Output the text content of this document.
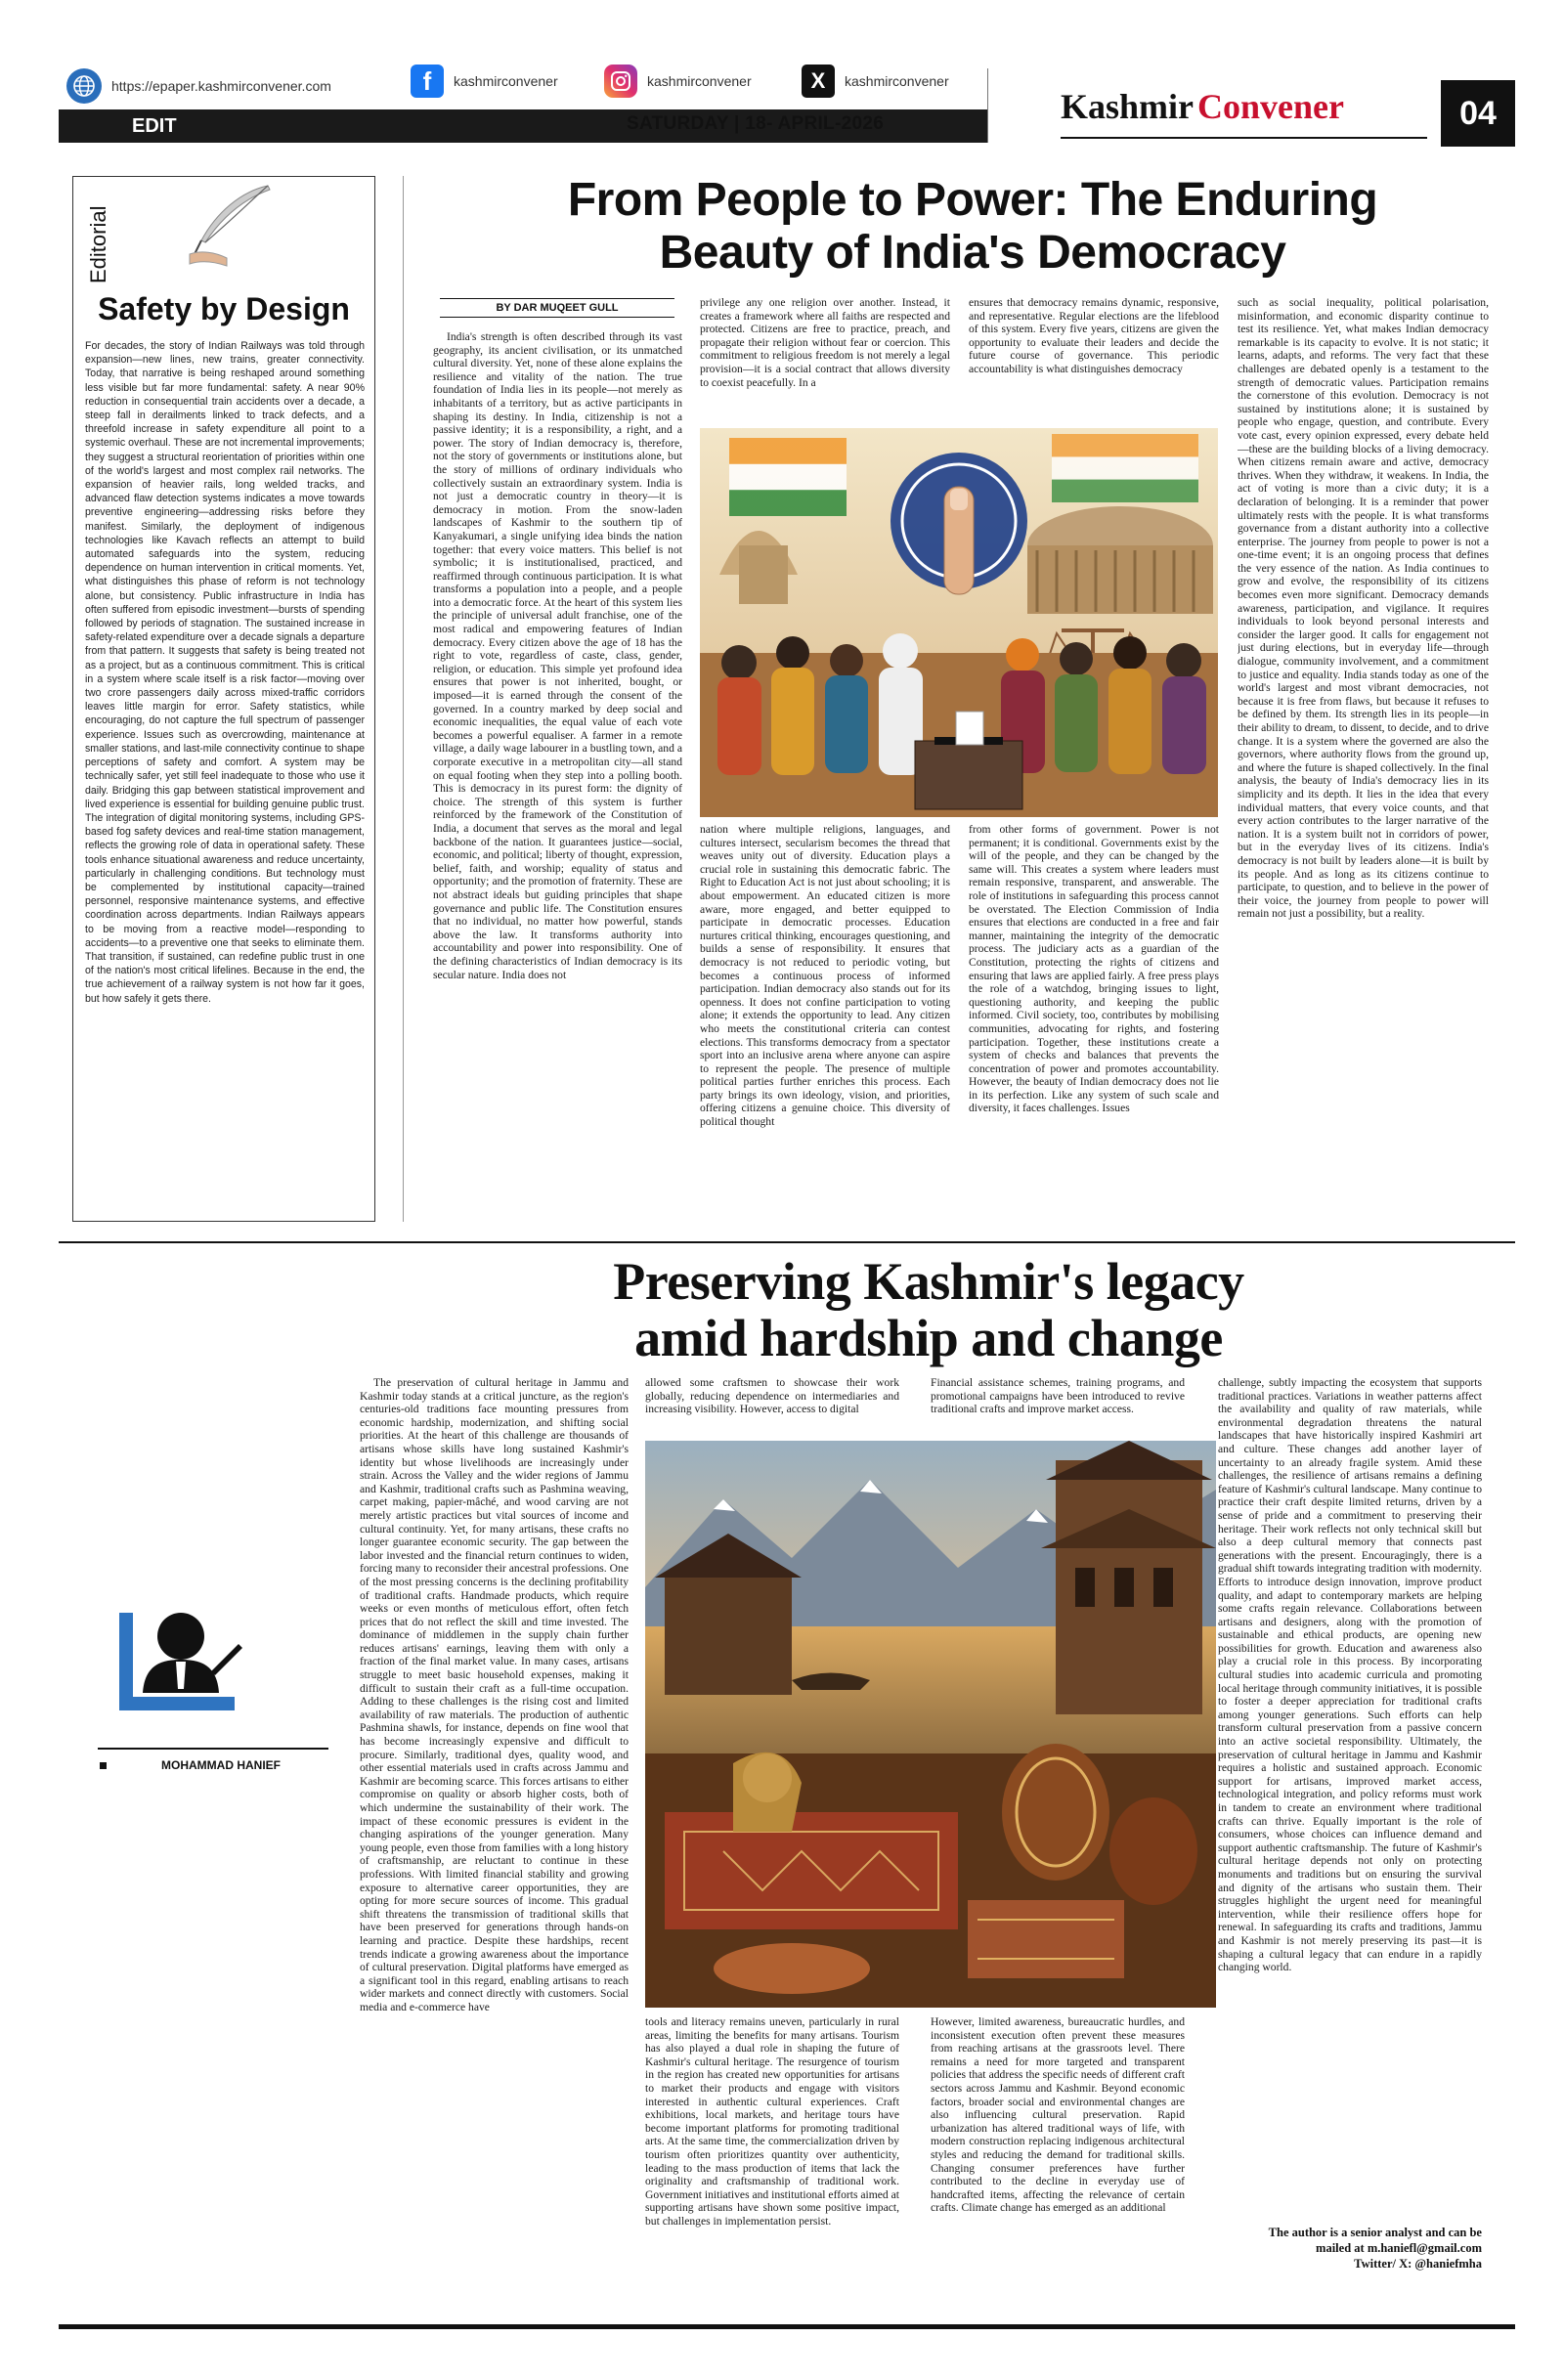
https://epaper.kashmirconvener.com	f	kashmirconvener	kashmirconvener	X	kashmirconvener
EDIT	SATURDAY | 18- APRIL-2026	Kashmir Convener	04
Editorial
Safety by Design
For decades, the story of Indian Railways was told through expansion—new lines, new trains, greater connectivity. Today, that narrative is being reshaped around something less visible but far more fundamental: safety. A near 90% reduction in consequential train accidents over a decade, a steep fall in derailments linked to track defects, and a threefold increase in safety expenditure all point to a systemic overhaul. These are not incremental improvements; they suggest a structural reorientation of priorities within one of the world's largest and most complex rail networks. The expansion of heavier rails, long welded tracks, and advanced flaw detection systems indicates a move towards preventive engineering—addressing risks before they manifest. Similarly, the deployment of indigenous technologies like Kavach reflects an attempt to build automated safeguards into the system, reducing dependence on human intervention in critical moments. Yet, what distinguishes this phase of reform is not technology alone, but consistency. Public infrastructure in India has often suffered from episodic investment—bursts of spending followed by periods of stagnation. The sustained increase in safety-related expenditure over a decade signals a departure from that pattern. It suggests that safety is being treated not as a project, but as a continuous commitment. This is critical in a system where scale itself is a risk factor—moving over two crore passengers daily across mixed-traffic corridors leaves little margin for error. Safety statistics, while encouraging, do not capture the full spectrum of passenger experience. Issues such as overcrowding, maintenance at smaller stations, and last-mile connectivity continue to shape perceptions of safety and comfort. A system may be technically safer, yet still feel inadequate to those who use it daily. Bridging this gap between statistical improvement and lived experience is essential for building genuine public trust. The integration of digital monitoring systems, including GPS-based fog safety devices and real-time station management, reflects the growing role of data in operational safety. These tools enhance situational awareness and reduce uncertainty, particularly in challenging conditions. But technology must be complemented by institutional capacity—trained personnel, responsive maintenance systems, and effective coordination across departments. Indian Railways appears to be moving from a reactive model—responding to accidents—to a preventive one that seeks to eliminate them. That transition, if sustained, can redefine public trust in one of the nation's most critical lifelines. Because in the end, the true achievement of a railway system is not how far it goes, but how safely it gets there.
From People to Power: The Enduring
Beauty of India's Democracy
BY DAR MUQEET GULL

India's strength is often described through its vast geography, its ancient civilisation, or its unmatched cultural diversity. Yet, none of these alone explains the resilience and vitality of the nation. The true foundation of India lies in its people—not merely as inhabitants of a territory, but as active participants in shaping its destiny. In India, citizenship is not a passive identity; it is a responsibility, a right, and a power. The story of Indian democracy is, therefore, not the story of governments or institutions alone, but the story of millions of ordinary individuals who collectively sustain an extraordinary system. India is not just a democratic country in theory—it is democracy in motion. From the snow-laden landscapes of Kashmir to the southern tip of Kanyakumari, a single unifying idea binds the nation together: that every voice matters. This belief is not symbolic; it is institutionalised, practiced, and reaffirmed through continuous participation. It is what transforms a population into a people, and a people into a democratic force. At the heart of this system lies the principle of universal adult franchise, one of the most radical and empowering features of Indian democracy. Every citizen above the age of 18 has the right to vote, regardless of caste, class, gender, religion, or education. This simple yet profound idea ensures that power is not inherited, bought, or imposed—it is earned through the consent of the governed. In a country marked by deep social and economic inequalities, the equal value of each vote becomes a powerful equaliser. A farmer in a remote village, a daily wage labourer in a bustling town, and a corporate executive in a metropolitan city—all stand on equal footing when they step into a polling booth. This is democracy in its purest form: the dignity of choice. The strength of this system is further reinforced by the framework of the Constitution of India, a document that serves as the moral and legal backbone of the nation. It guarantees justice—social, economic, and political; liberty of thought, expression, belief, faith, and worship; equality of status and opportunity; and the promotion of fraternity. These are not abstract ideals but guiding principles that shape governance and public life. The Constitution ensures that no individual, no matter how powerful, stands above the law. It transforms authority into accountability and power into responsibility. One of the defining characteristics of Indian democracy is its secular nature. India does not

privilege any one religion over another. Instead, it creates a framework where all faiths are respected and protected. Citizens are free to practice, preach, and propagate their religion without fear or coercion. This commitment to religious freedom is not merely a legal provision—it is a social contract that allows diversity to coexist peacefully. In a

ensures that democracy remains dynamic, responsive, and representative. Regular elections are the lifeblood of this system. Every five years, citizens are given the opportunity to evaluate their leaders and decide the future course of governance. This periodic accountability is what distinguishes democracy

nation where multiple religions, languages, and cultures intersect, secularism becomes the thread that weaves unity out of diversity. Education plays a crucial role in sustaining this democratic fabric. The Right to Education Act is not just about schooling; it is about empowerment. An educated citizen is more aware, more engaged, and better equipped to participate in democratic processes. Education nurtures critical thinking, encourages questioning, and builds a sense of responsibility. It ensures that democracy is not reduced to periodic voting, but becomes a continuous process of informed participation. Indian democracy also stands out for its openness. It does not confine participation to voting alone; it extends the opportunity to lead. Any citizen who meets the constitutional criteria can contest elections. This transforms democracy from a spectator sport into an inclusive arena where anyone can aspire to represent the people. The presence of multiple political parties further enriches this process. Each party brings its own ideology, vision, and priorities, offering citizens a genuine choice. This diversity of political thought

from other forms of government. Power is not permanent; it is conditional. Governments exist by the will of the people, and they can be changed by the same will. This creates a system where leaders must remain responsive, transparent, and answerable. The role of institutions in safeguarding this process cannot be overstated. The Election Commission of India ensures that elections are conducted in a free and fair manner, maintaining the integrity of the democratic process. The judiciary acts as a guardian of the Constitution, protecting the rights of citizens and ensuring that laws are applied fairly. A free press plays the role of a watchdog, bringing issues to light, questioning authority, and keeping the public informed. Civil society, too, contributes by mobilising communities, advocating for rights, and fostering participation. Together, these institutions create a system of checks and balances that prevents the concentration of power and promotes accountability. However, the beauty of Indian democracy does not lie in its perfection. Like any system of such scale and diversity, it faces challenges. Issues

such as social inequality, political polarisation, misinformation, and economic disparity continue to test its resilience. Yet, what makes Indian democracy remarkable is its capacity to evolve. It is not static; it learns, adapts, and reforms. The very fact that these challenges are debated openly is a testament to the strength of democratic values. Participation remains the cornerstone of this evolution. Democracy is not sustained by institutions alone; it is sustained by people who engage, question, and contribute. Every vote cast, every opinion expressed, every debate held—these are the building blocks of a living democracy. When citizens remain aware and active, democracy thrives. When they withdraw, it weakens. In India, the act of voting is more than a civic duty; it is a declaration of belonging. It is a reminder that power ultimately rests with the people. It is what transforms governance from a distant authority into a collective enterprise. The journey from people to power is not a one-time event; it is an ongoing process that defines the very essence of the nation. As India continues to grow and evolve, the responsibility of its citizens becomes even more significant. Democracy demands awareness, participation, and vigilance. It requires individuals to look beyond personal interests and consider the larger good. It calls for engagement not just during elections, but in everyday life—through dialogue, community involvement, and a commitment to justice and equality. India stands today as one of the world's largest and most vibrant democracies, not because it is free from flaws, but because it refuses to be defined by them. Its strength lies in its people—in their ability to dream, to dissent, to decide, and to drive change. It is a system where the governed are also the governors, where authority flows from the ground up, and where the future is shaped collectively. In the final analysis, the beauty of India's democracy lies in its simplicity and its depth. It lies in the idea that every individual matters, that every voice counts, and that every action contributes to the larger narrative of the nation. It is a system built not in corridors of power, but in the everyday lives of its citizens. India's democracy is not built by leaders alone—it is built by its people. And as long as its citizens continue to participate, to question, and to believe in the power of their voice, the journey from people to power will remain not just a possibility, but a reality.

Preserving Kashmir's legacy
amid hardship and change
MOHAMMAD HANIEF

The preservation of cultural heritage in Jammu and Kashmir today stands at a critical juncture, as the region's centuries-old traditions face mounting pressures from economic hardship, modernization, and shifting social priorities. At the heart of this challenge are thousands of artisans whose skills have long sustained Kashmir's identity but whose livelihoods are increasingly under strain. Across the Valley and the wider regions of Jammu and Kashmir, traditional crafts such as Pashmina weaving, carpet making, papier-mâché, and wood carving are not merely artistic practices but vital sources of income and cultural continuity. Yet, for many artisans, these crafts no longer guarantee economic security. The gap between the labor invested and the financial return continues to widen, forcing many to reconsider their ancestral professions. One of the most pressing concerns is the declining profitability of traditional crafts. Handmade products, which require weeks or even months of meticulous effort, often fetch prices that do not reflect the skill and time invested. The dominance of middlemen in the supply chain further reduces artisans' earnings, leaving them with only a fraction of the final market value. In many cases, artisans struggle to meet basic household expenses, making it difficult to sustain their craft as a full-time occupation. Adding to these challenges is the rising cost and limited availability of raw materials. The production of authentic Pashmina shawls, for instance, depends on fine wool that has become increasingly expensive and difficult to procure. Similarly, traditional dyes, quality wood, and other essential materials used in crafts across Jammu and Kashmir are becoming scarce. This forces artisans to either compromise on quality or absorb higher costs, both of which undermine the sustainability of their work. The impact of these economic pressures is evident in the changing aspirations of the younger generation. Many young people, even those from families with a long history of craftsmanship, are reluctant to continue in these professions. With limited financial stability and growing exposure to alternative career opportunities, they are opting for more secure sources of income. This gradual shift threatens the transmission of traditional skills that have been preserved for generations through hands-on learning and practice. Despite these hardships, recent trends indicate a growing awareness about the importance of cultural preservation. Digital platforms have emerged as a significant tool in this regard, enabling artisans to reach wider markets and connect directly with customers. Social media and e-commerce have

allowed some craftsmen to showcase their work globally, reducing dependence on intermediaries and increasing visibility. However, access to digital

Financial assistance schemes, training programs, and promotional campaigns have been introduced to revive traditional crafts and improve market access.

tools and literacy remains uneven, particularly in rural areas, limiting the benefits for many artisans. Tourism has also played a dual role in shaping the future of Kashmir's cultural heritage. The resurgence of tourism in the region has created new opportunities for artisans to market their products and engage with visitors interested in authentic cultural experiences. Craft exhibitions, local markets, and heritage tours have become important platforms for promoting traditional arts. At the same time, the commercialization driven by tourism often prioritizes quantity over authenticity, leading to the mass production of items that lack the originality and craftsmanship of traditional work. Government initiatives and institutional efforts aimed at supporting artisans have shown some positive impact, but challenges in implementation persist.

However, limited awareness, bureaucratic hurdles, and inconsistent execution often prevent these measures from reaching artisans at the grassroots level. There remains a need for more targeted and transparent policies that address the specific needs of different craft sectors across Jammu and Kashmir. Beyond economic factors, broader social and environmental changes are also influencing cultural preservation. Rapid urbanization has altered traditional ways of life, with modern construction replacing indigenous architectural styles and reducing the demand for traditional skills. Changing consumer preferences have further contributed to the decline in everyday use of handcrafted items, affecting the relevance of certain crafts. Climate change has emerged as an additional

challenge, subtly impacting the ecosystem that supports traditional practices. Variations in weather patterns affect the availability and quality of raw materials, while environmental degradation threatens the natural landscapes that have historically inspired Kashmiri art and culture. These changes add another layer of uncertainty to an already fragile system. Amid these challenges, the resilience of artisans remains a defining feature of Kashmir's cultural landscape. Many continue to practice their craft despite limited returns, driven by a sense of pride and a commitment to preserving their heritage. Their work reflects not only technical skill but also a deep cultural memory that connects past generations with the present. Encouragingly, there is a gradual shift towards integrating tradition with modernity. Efforts to introduce design innovation, improve product quality, and adapt to contemporary markets are helping some crafts regain relevance. Collaborations between artisans and designers, along with the promotion of sustainable and ethical products, are opening new possibilities for growth. Education and awareness also play a crucial role in this process. By incorporating cultural studies into academic curricula and promoting local heritage through community initiatives, it is possible to foster a deeper appreciation for traditional crafts among younger generations. Such efforts can help transform cultural preservation from a passive concern into an active societal responsibility. Ultimately, the preservation of cultural heritage in Jammu and Kashmir requires a holistic and sustained approach. Economic support for artisans, improved market access, technological integration, and policy reforms must work in tandem to create an environment where traditional crafts can thrive. Equally important is the role of consumers, whose choices can influence demand and support authentic craftsmanship. The future of Kashmir's cultural heritage depends not only on protecting monuments and traditions but on ensuring the survival and dignity of the artisans who sustain them. Their struggles highlight the urgent need for meaningful intervention, while their resilience offers hope for renewal. In safeguarding its crafts and traditions, Jammu and Kashmir is not merely preserving its past—it is shaping a cultural legacy that can endure in a rapidly changing world.

The author is a senior analyst and can be
mailed at m.haniefl@gmail.com
Twitter/ X: @haniefmha
